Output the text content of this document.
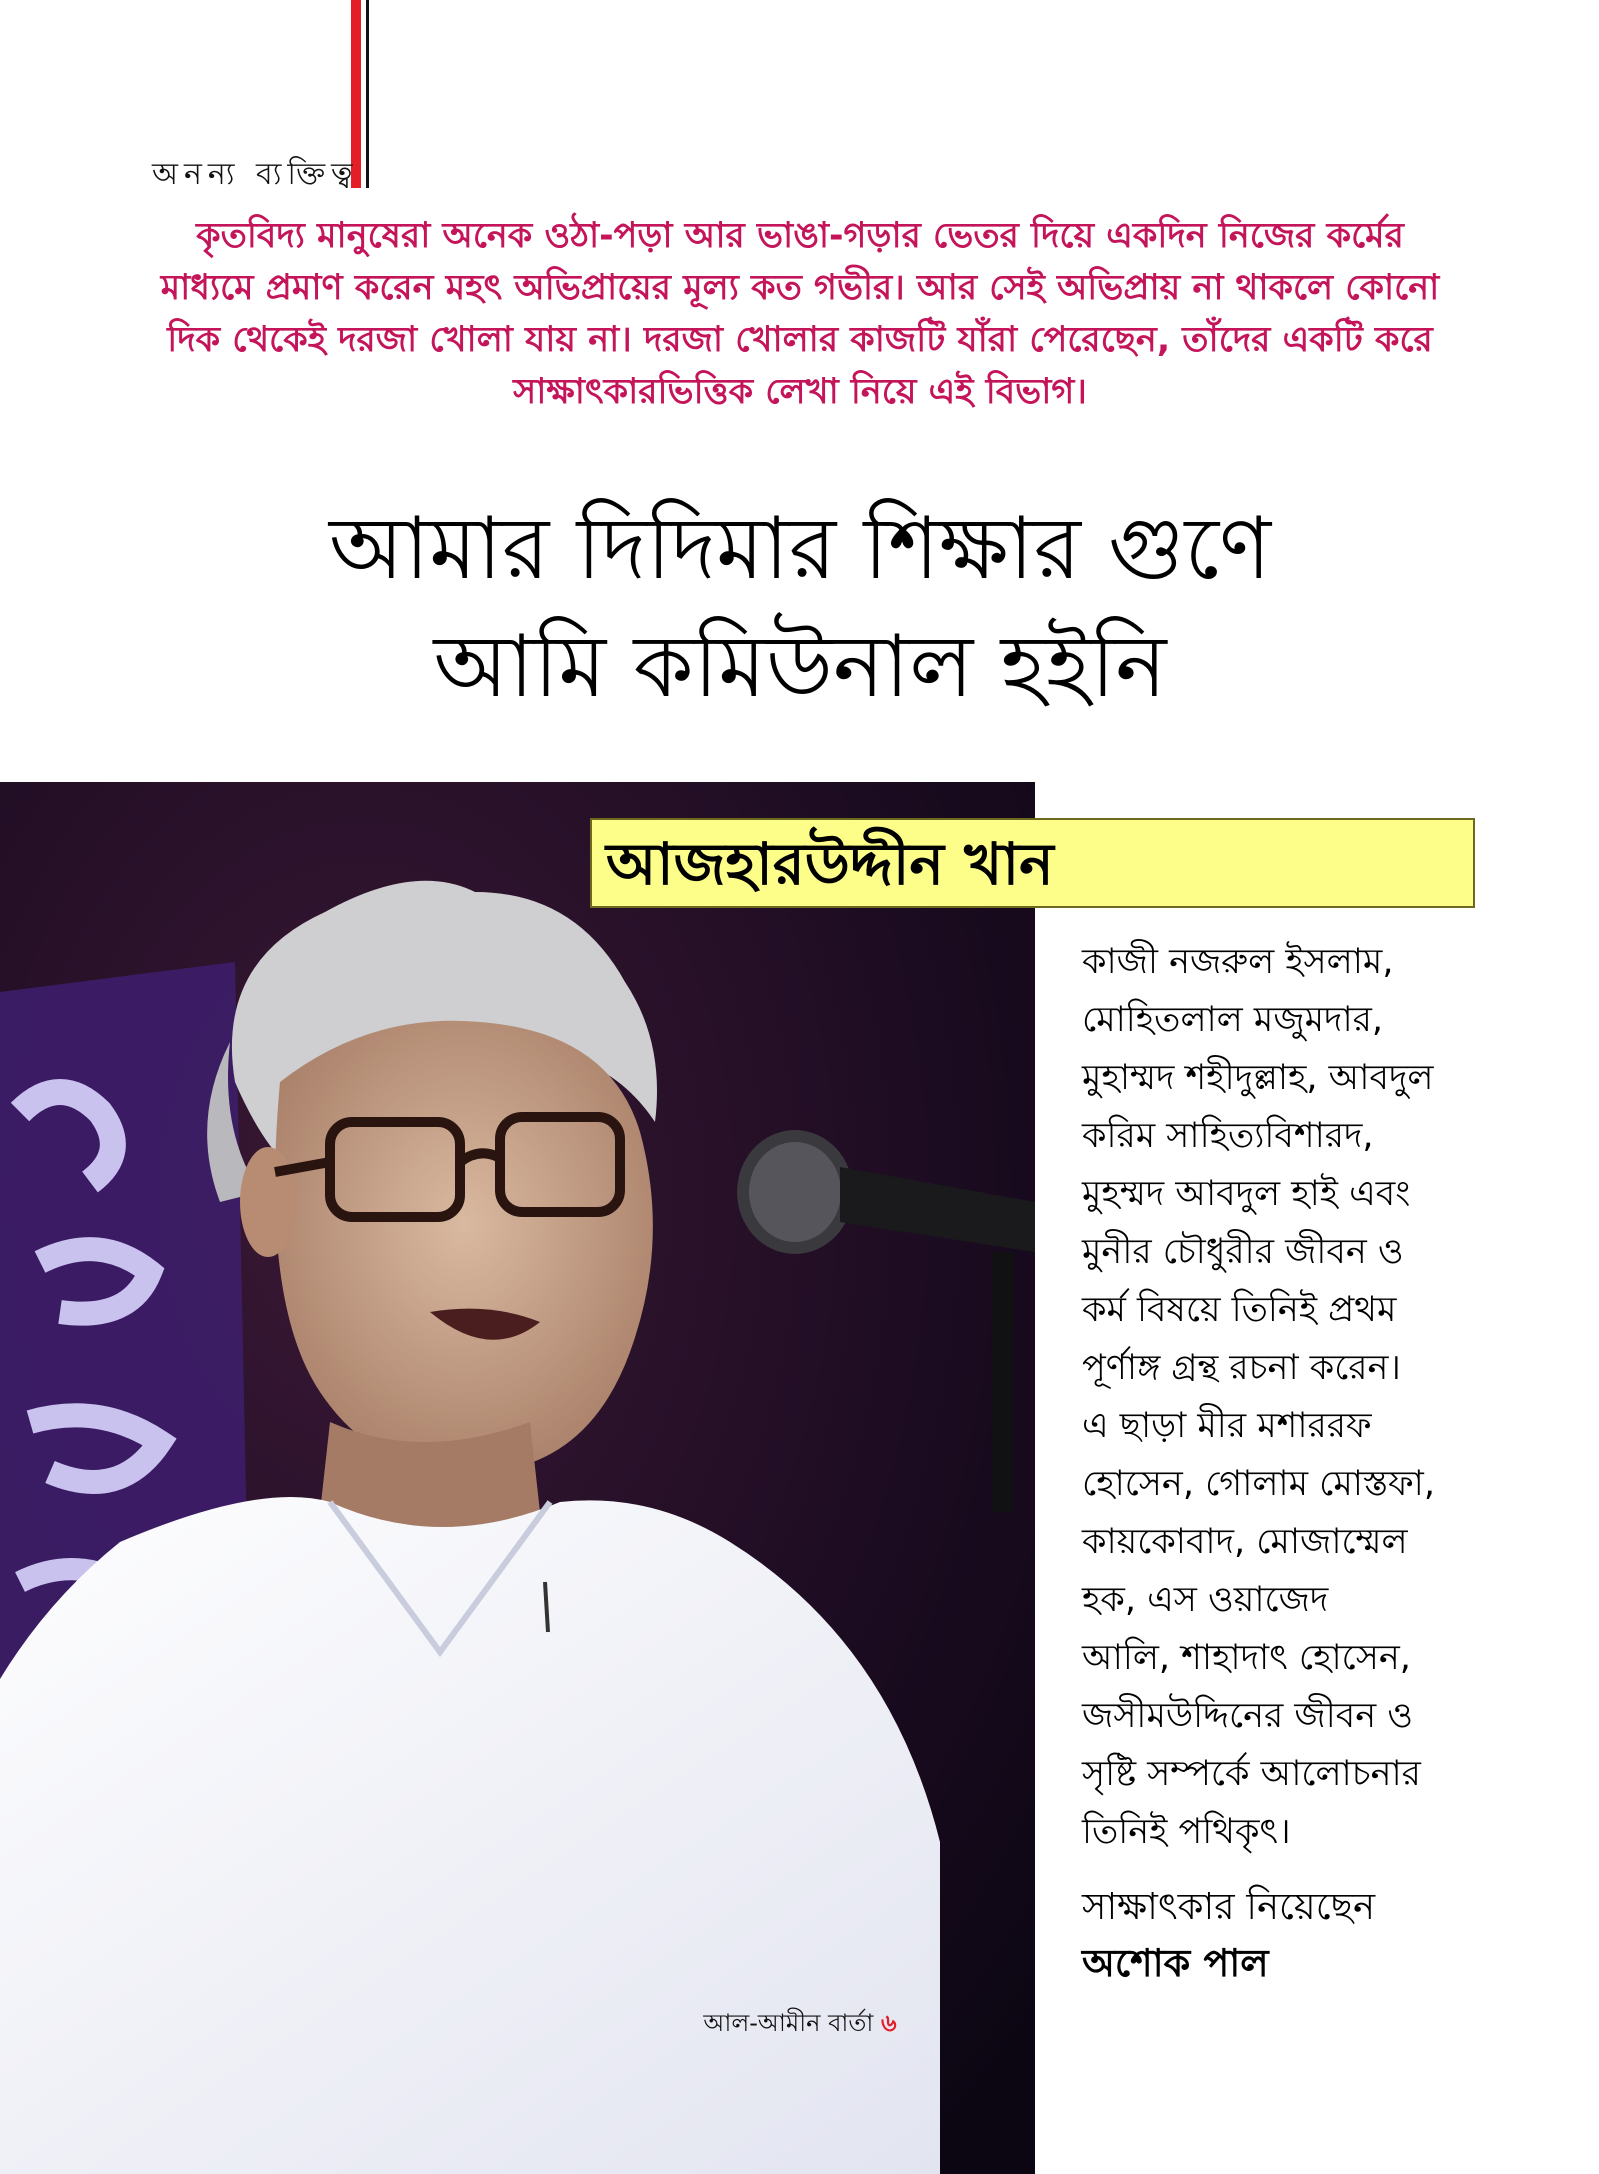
অনন্য ব্যক্তিত্ব

কৃতবিদ্য মানুষেরা অনেক ওঠা-পড়া আর ভাঙা-গড়ার ভেতর দিয়ে একদিন নিজের কর্মের মাধ্যমে প্রমাণ করেন মহৎ অভিপ্রায়ের মূল্য কত গভীর। আর সেই অভিপ্রায় না থাকলে কোনো দিক থেকেই দরজা খোলা যায় না। দরজা খোলার কাজটি যাঁরা পেরেছেন, তাঁদের একটি করে সাক্ষাৎকারভিত্তিক লেখা নিয়ে এই বিভাগ।

আমার দিদিমার শিক্ষার গুণে
আমি কমিউনাল হইনি
আজহারউদ্দীন খান
কাজী নজরুল ইসলাম,
মোহিতলাল মজুমদার,
মুহাম্মদ শহীদুল্লাহ, আবদুল
করিম সাহিত্যবিশারদ,
মুহম্মদ আবদুল হাই এবং
মুনীর চৌধুরীর জীবন ও
কর্ম বিষয়ে তিনিই প্রথম
পূর্ণাঙ্গ গ্রন্থ রচনা করেন।
এ ছাড়া মীর মশাররফ
হোসেন, গোলাম মোস্তফা,
কায়কোবাদ, মোজাম্মেল
হক, এস ওয়াজেদ
আলি, শাহাদাৎ হোসেন,
জসীমউদ্দিনের জীবন ও
সৃষ্টি সম্পর্কে আলোচনার
তিনিই পথিকৃৎ।
সাক্ষাৎকার নিয়েছেন
অশোক পাল
আল-আমীন বার্তা ৬
